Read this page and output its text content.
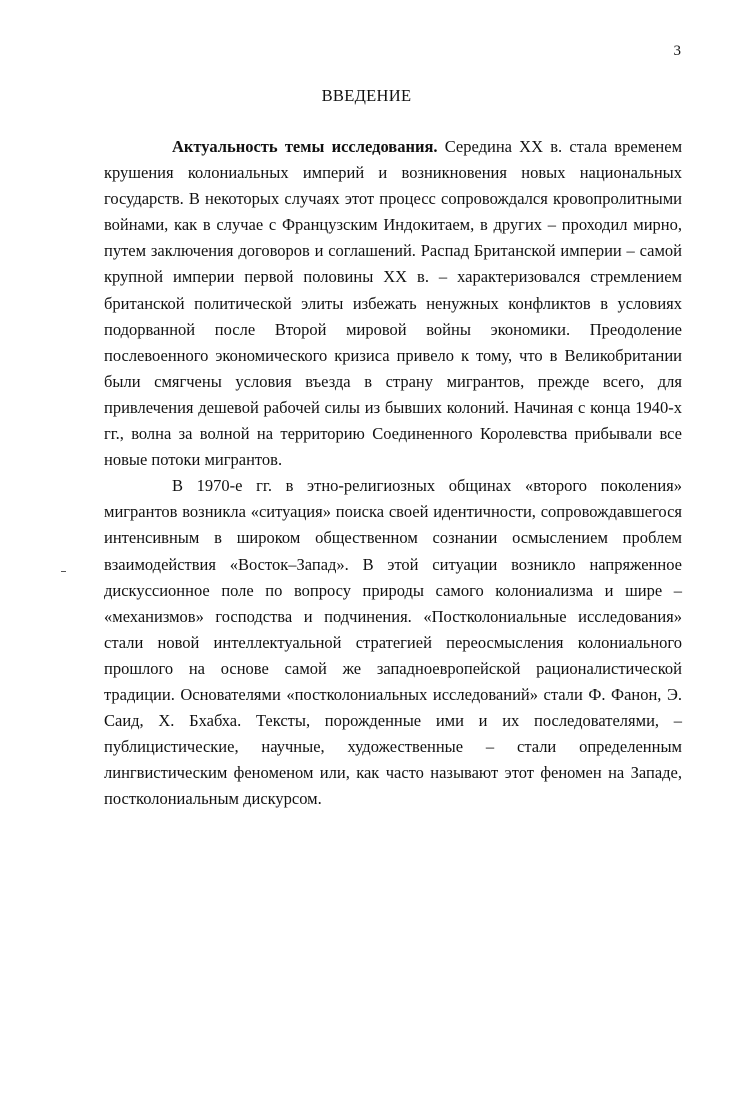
3
ВВЕДЕНИЕ

Актуальность темы исследования. Середина XX в. стала временем крушения колониальных империй и возникновения новых национальных государств. В некоторых случаях этот процесс сопровождался кровопролитными войнами, как в случае с Французским Индокитаем, в других – проходил мирно, путем заключения договоров и соглашений. Распад Британской империи – самой крупной империи первой половины XX в. – характеризовался стремлением британской политической элиты избежать ненужных конфликтов в условиях подорванной после Второй мировой войны экономики. Преодоление послевоенного экономического кризиса привело к тому, что в Великобритании были смягчены условия въезда в страну мигрантов, прежде всего, для привлечения дешевой рабочей силы из бывших колоний. Начиная с конца 1940-х гг., волна за волной на территорию Соединенного Королевства прибывали все новые потоки мигрантов.

В 1970-е гг. в этно-религиозных общинах «второго поколения» мигрантов возникла «ситуация» поиска своей идентичности, сопровождавшегося интенсивным в широком общественном сознании осмыслением проблем взаимодействия «Восток–Запад». В этой ситуации возникло напряженное дискуссионное поле по вопросу природы самого колониализма и шире – «механизмов» господства и подчинения. «Постколониальные исследования» стали новой интеллектуальной стратегией переосмысления колониального прошлого на основе самой же западноевропейской рационалистической традиции. Основателями «постколониальных исследований» стали Ф. Фанон, Э. Саид, Х. Бхабха. Тексты, порожденные ими и их последователями, – публицистические, научные, художественные – стали определенным лингвистическим феноменом или, как часто называют этот феномен на Западе, постколониальным дискурсом.
